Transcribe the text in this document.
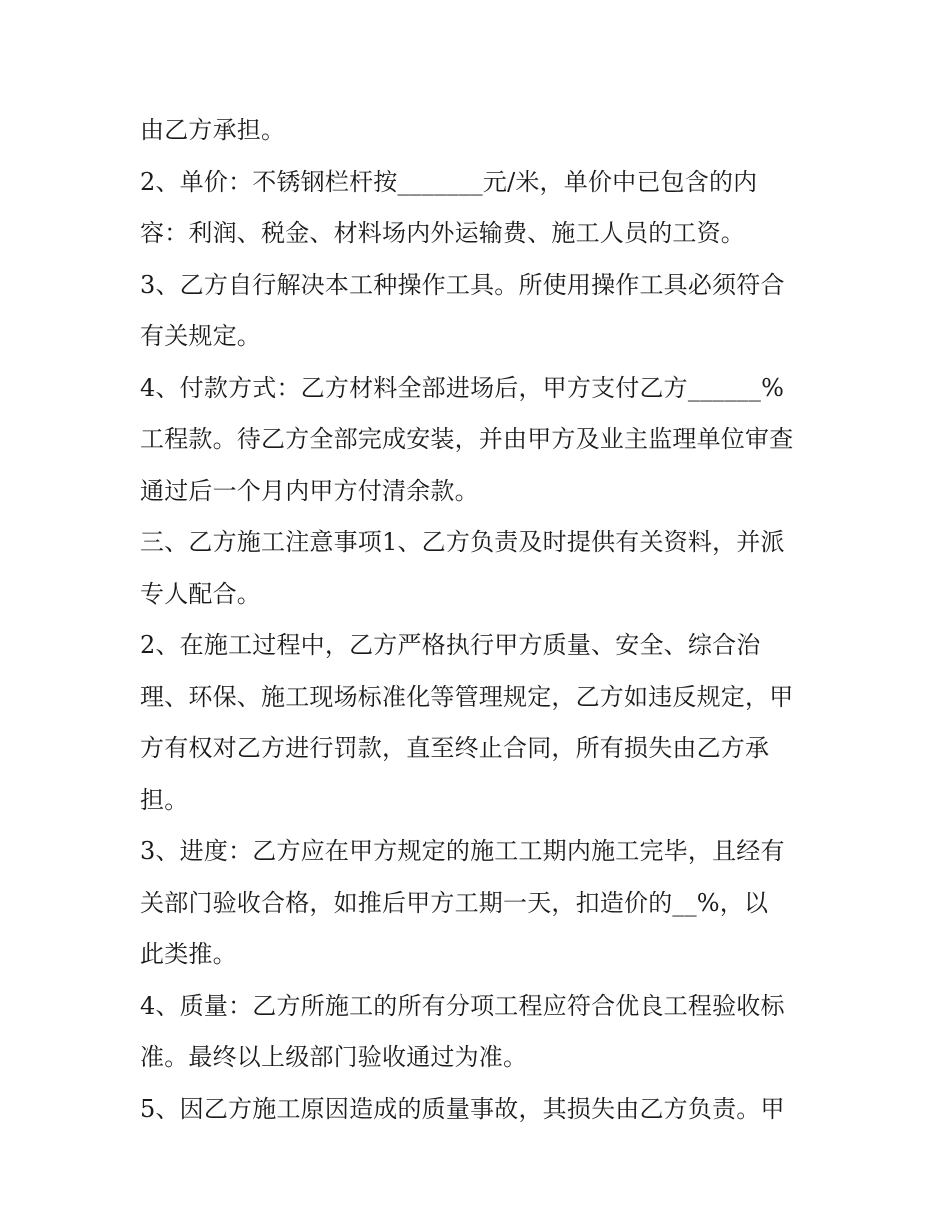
由乙方承担。
2、单价：不锈钢栏杆按_______元/米，单价中已包含的内
容：利润、税金、材料场内外运输费、施工人员的工资。
3、乙方自行解决本工种操作工具。所使用操作工具必须符合
有关规定。
4、付款方式：乙方材料全部进场后，甲方支付乙方______%
工程款。待乙方全部完成安装，并由甲方及业主监理单位审查
通过后一个月内甲方付清余款。
三、乙方施工注意事项1、乙方负责及时提供有关资料，并派
专人配合。
2、在施工过程中，乙方严格执行甲方质量、安全、综合治
理、环保、施工现场标准化等管理规定，乙方如违反规定，甲
方有权对乙方进行罚款，直至终止合同，所有损失由乙方承
担。
3、进度：乙方应在甲方规定的施工工期内施工完毕，且经有
关部门验收合格，如推后甲方工期一天，扣造价的__%，以
此类推。
4、质量：乙方所施工的所有分项工程应符合优良工程验收标
准。最终以上级部门验收通过为准。
5、因乙方施工原因造成的质量事故，其损失由乙方负责。甲
